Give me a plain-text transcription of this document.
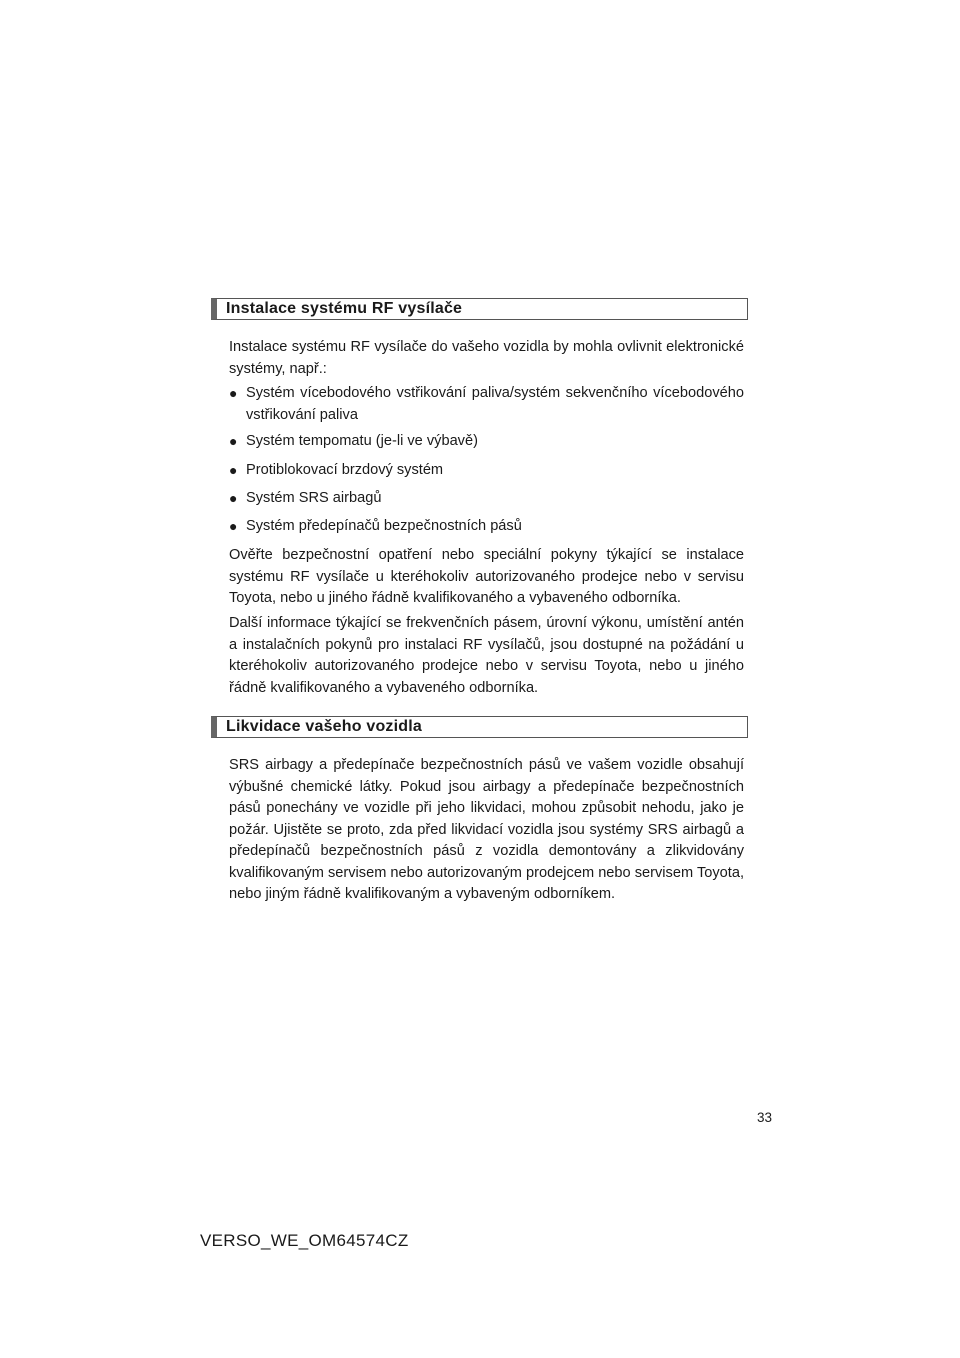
Instalace systému RF vysílače

Instalace systému RF vysílače do vašeho vozidla by mohla ovlivnit elektronické systémy, např.:

● Systém vícebodového vstřikování paliva/systém sekvenčního vícebodového vstřikování paliva
● Systém tempomatu (je-li ve výbavě)
● Protiblokovací brzdový systém
● Systém SRS airbagů
● Systém předepínačů bezpečnostních pásů

Ověřte bezpečnostní opatření nebo speciální pokyny týkající se instalace systému RF vysílače u kteréhokoliv autorizovaného prodejce nebo v servisu Toyota, nebo u jiného řádně kvalifikovaného a vybaveného odborníka.

Další informace týkající se frekvenčních pásem, úrovní výkonu, umístění antén a instalačních pokynů pro instalaci RF vysílačů, jsou dostupné na požádání u kteréhokoliv autorizovaného prodejce nebo v servisu Toyota, nebo u jiného řádně kvalifikovaného a vybaveného odborníka.

Likvidace vašeho vozidla

SRS airbagy a předepínače bezpečnostních pásů ve vašem vozidle obsahují výbušné chemické látky. Pokud jsou airbagy a předepínače bezpečnostních pásů ponechány ve vozidle při jeho likvidaci, mohou způsobit nehodu, jako je požár. Ujistěte se proto, zda před likvidací vozidla jsou systémy SRS airbagů a předepínačů bezpečnostních pásů z vozidla demontovány a zlikvidovány kvalifikovaným servisem nebo autorizovaným prodejcem nebo servisem Toyota, nebo jiným řádně kvalifikovaným a vybaveným odborníkem.

33
VERSO_WE_OM64574CZ
